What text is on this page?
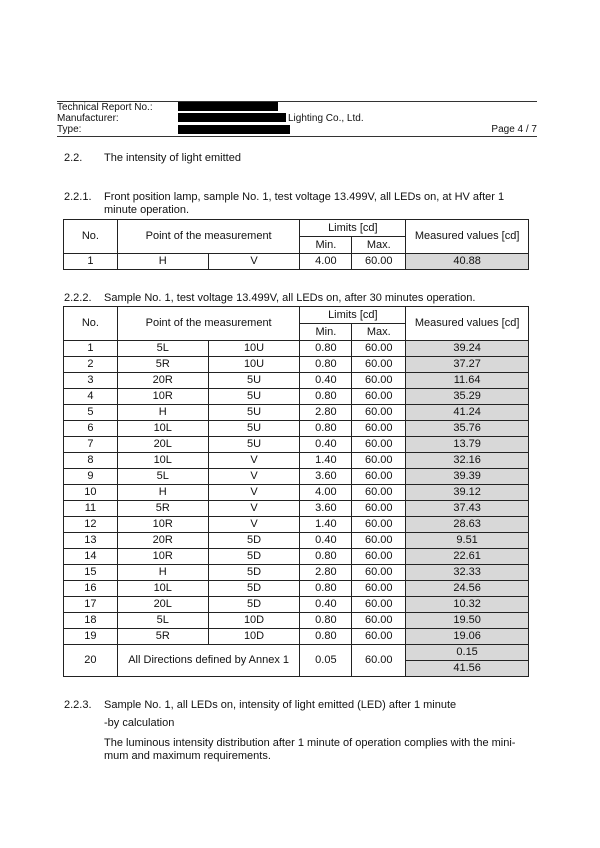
Technical Report No.:
Manufacturer:
Type:
Lighting Co., Ltd.
Page 4 / 7
2.2. The intensity of light emitted
2.2.1. Front position lamp, sample No. 1, test voltage 13.499V, all LEDs on, at HV after 1
minute operation.
No.	Point of the measurement		Limits [cd]		Measured values [cd]
			Min.	Max.	
1	H	V	4.00	60.00	40.88
2.2.2. Sample No. 1, test voltage 13.499V, all LEDs on, after 30 minutes operation.
No.	Point of the measurement		Limits [cd]		Measured values [cd]
			Min.	Max.	
1	5L	10U	0.80	60.00	39.24
2	5R	10U	0.80	60.00	37.27
3	20R	5U	0.40	60.00	11.64
4	10R	5U	0.80	60.00	35.29
5	H	5U	2.80	60.00	41.24
6	10L	5U	0.80	60.00	35.76
7	20L	5U	0.40	60.00	13.79
8	10L	V	1.40	60.00	32.16
9	5L	V	3.60	60.00	39.39
10	H	V	4.00	60.00	39.12
11	5R	V	3.60	60.00	37.43
12	10R	V	1.40	60.00	28.63
13	20R	5D	0.40	60.00	9.51
14	10R	5D	0.80	60.00	22.61
15	H	5D	2.80	60.00	32.33
16	10L	5D	0.80	60.00	24.56
17	20L	5D	0.40	60.00	10.32
18	5L	10D	0.80	60.00	19.50
19	5R	10D	0.80	60.00	19.06
20	All Directions defined by Annex 1		0.05	60.00	0.15
					41.56
2.2.3. Sample No. 1, all LEDs on, intensity of light emitted (LED) after 1 minute
-by calculation
The luminous intensity distribution after 1 minute of operation complies with the mini-
mum and maximum requirements.
